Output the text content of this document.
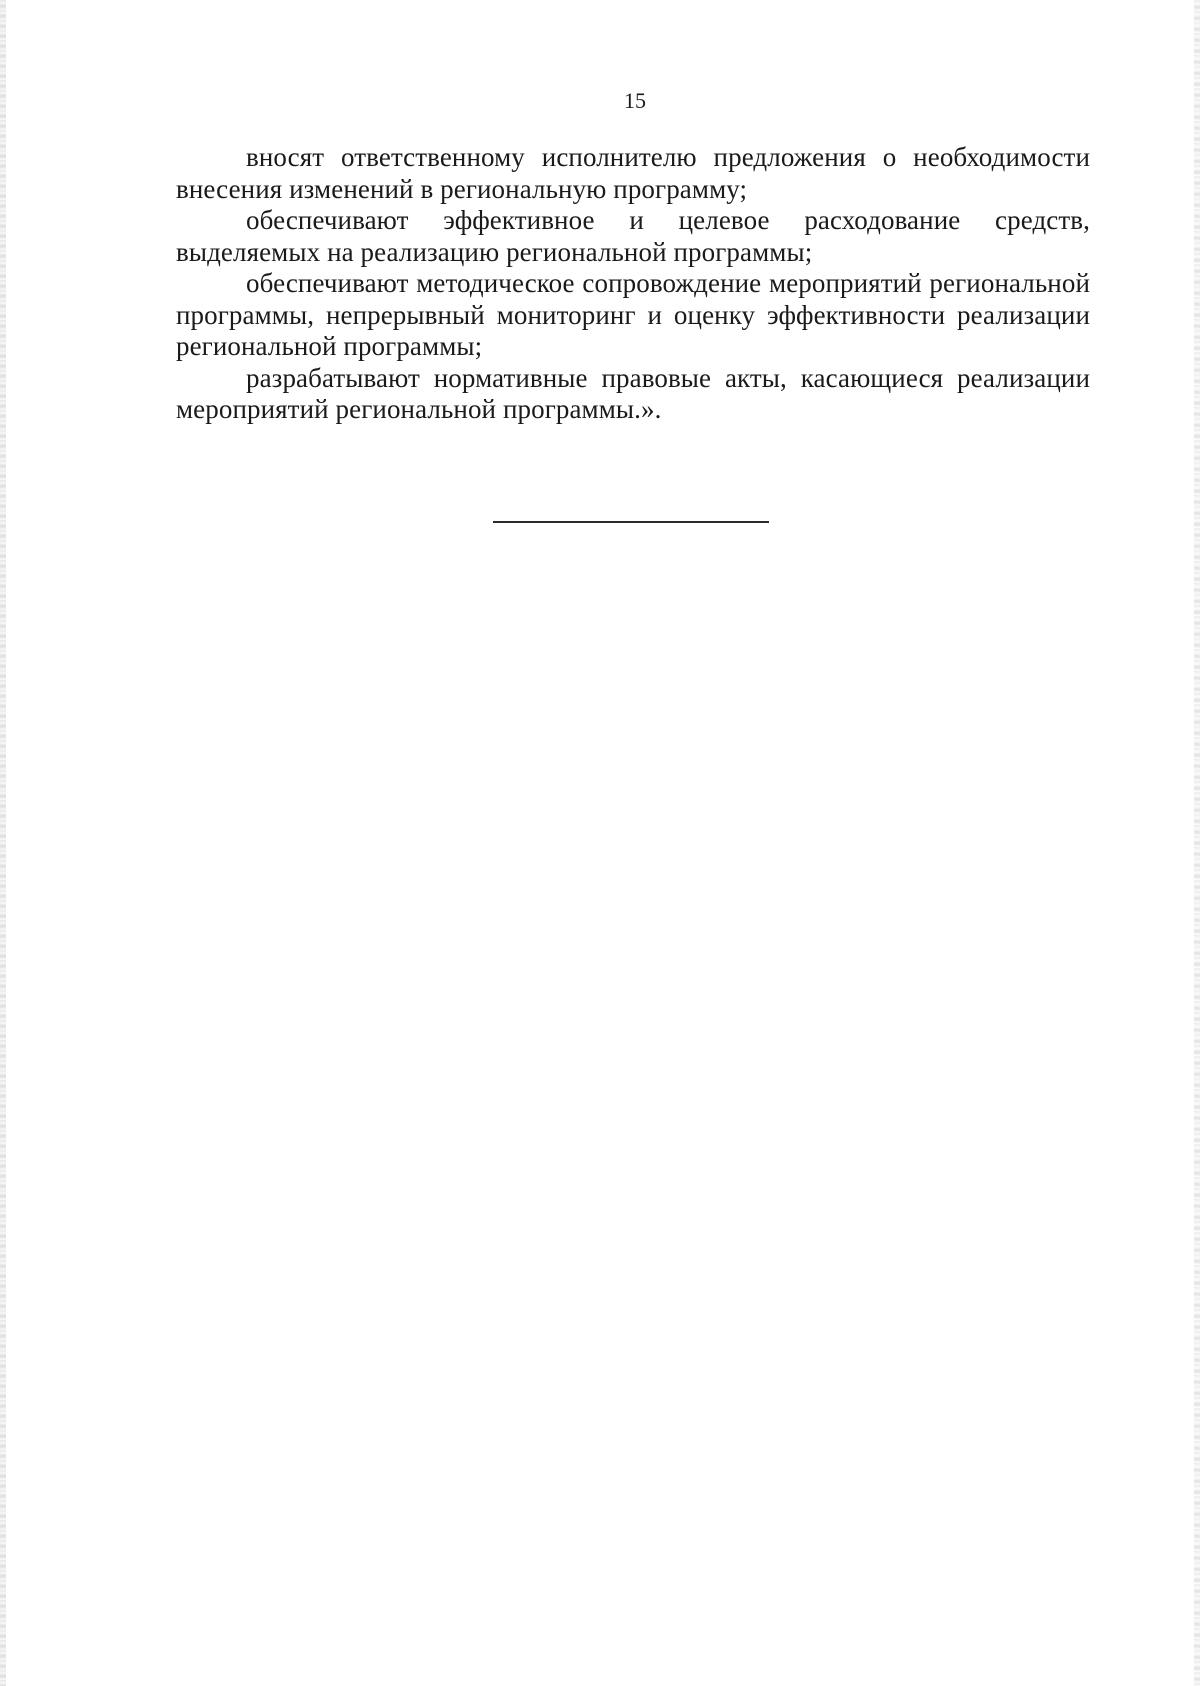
15

вносят ответственному исполнителю предложения о необходимости внесения изменений в региональную программу;

обеспечивают эффективное и целевое расходование средств, выделяемых на реализацию региональной программы;

обеспечивают методическое сопровождение мероприятий региональной программы, непрерывный мониторинг и оценку эффективности реализации региональной программы;

разрабатывают нормативные правовые акты, касающиеся реализации мероприятий региональной программы.».
